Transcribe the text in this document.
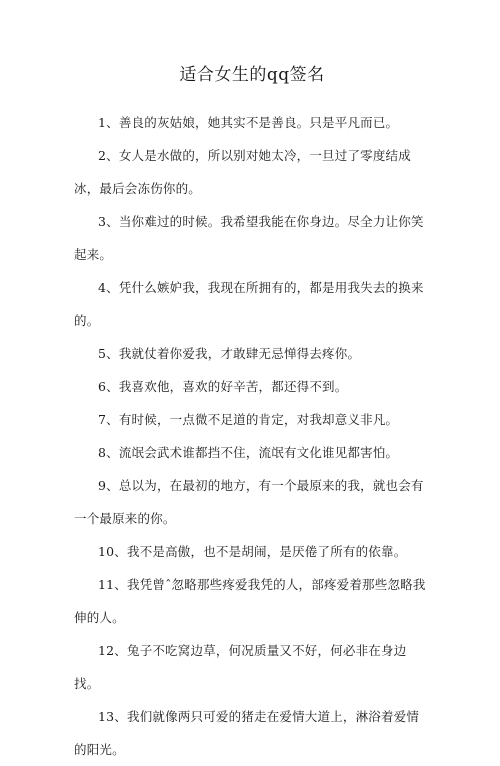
适合女生的qq签名
1、善良的灰姑娘，她其实不是善良。只是平凡而已。
2、女人是水做的，所以别对她太冷，一旦过了零度结成冰，最后会冻伤你的。
3、当你难过的时候。我希望我能在你身边。尽全力让你笑起来。
4、凭什么嫉妒我，我现在所拥有的，都是用我失去的换来的。
5、我就仗着你爱我，才敢肆无忌惮得去疼你。
6、我喜欢他，喜欢的好辛苦，都还得不到。
7、有时候，一点微不足道的肯定，对我却意义非凡。
8、流氓会武术谁都挡不住，流氓有文化谁见都害怕。
9、总以为，在最初的地方，有一个最原来的我，就也会有一个最原来的你。
10、我不是高傲，也不是胡闹，是厌倦了所有的依靠。
11、我凭曾ˆ忽略那些疼爱我凭的人，部疼爱着那些忽略我伸的人。
12、兔子不吃窝边草，何况质量又不好，何必非在身边找。
13、我们就像两只可爱的猪走在爱情大道上，淋浴着爱情的阳光。
